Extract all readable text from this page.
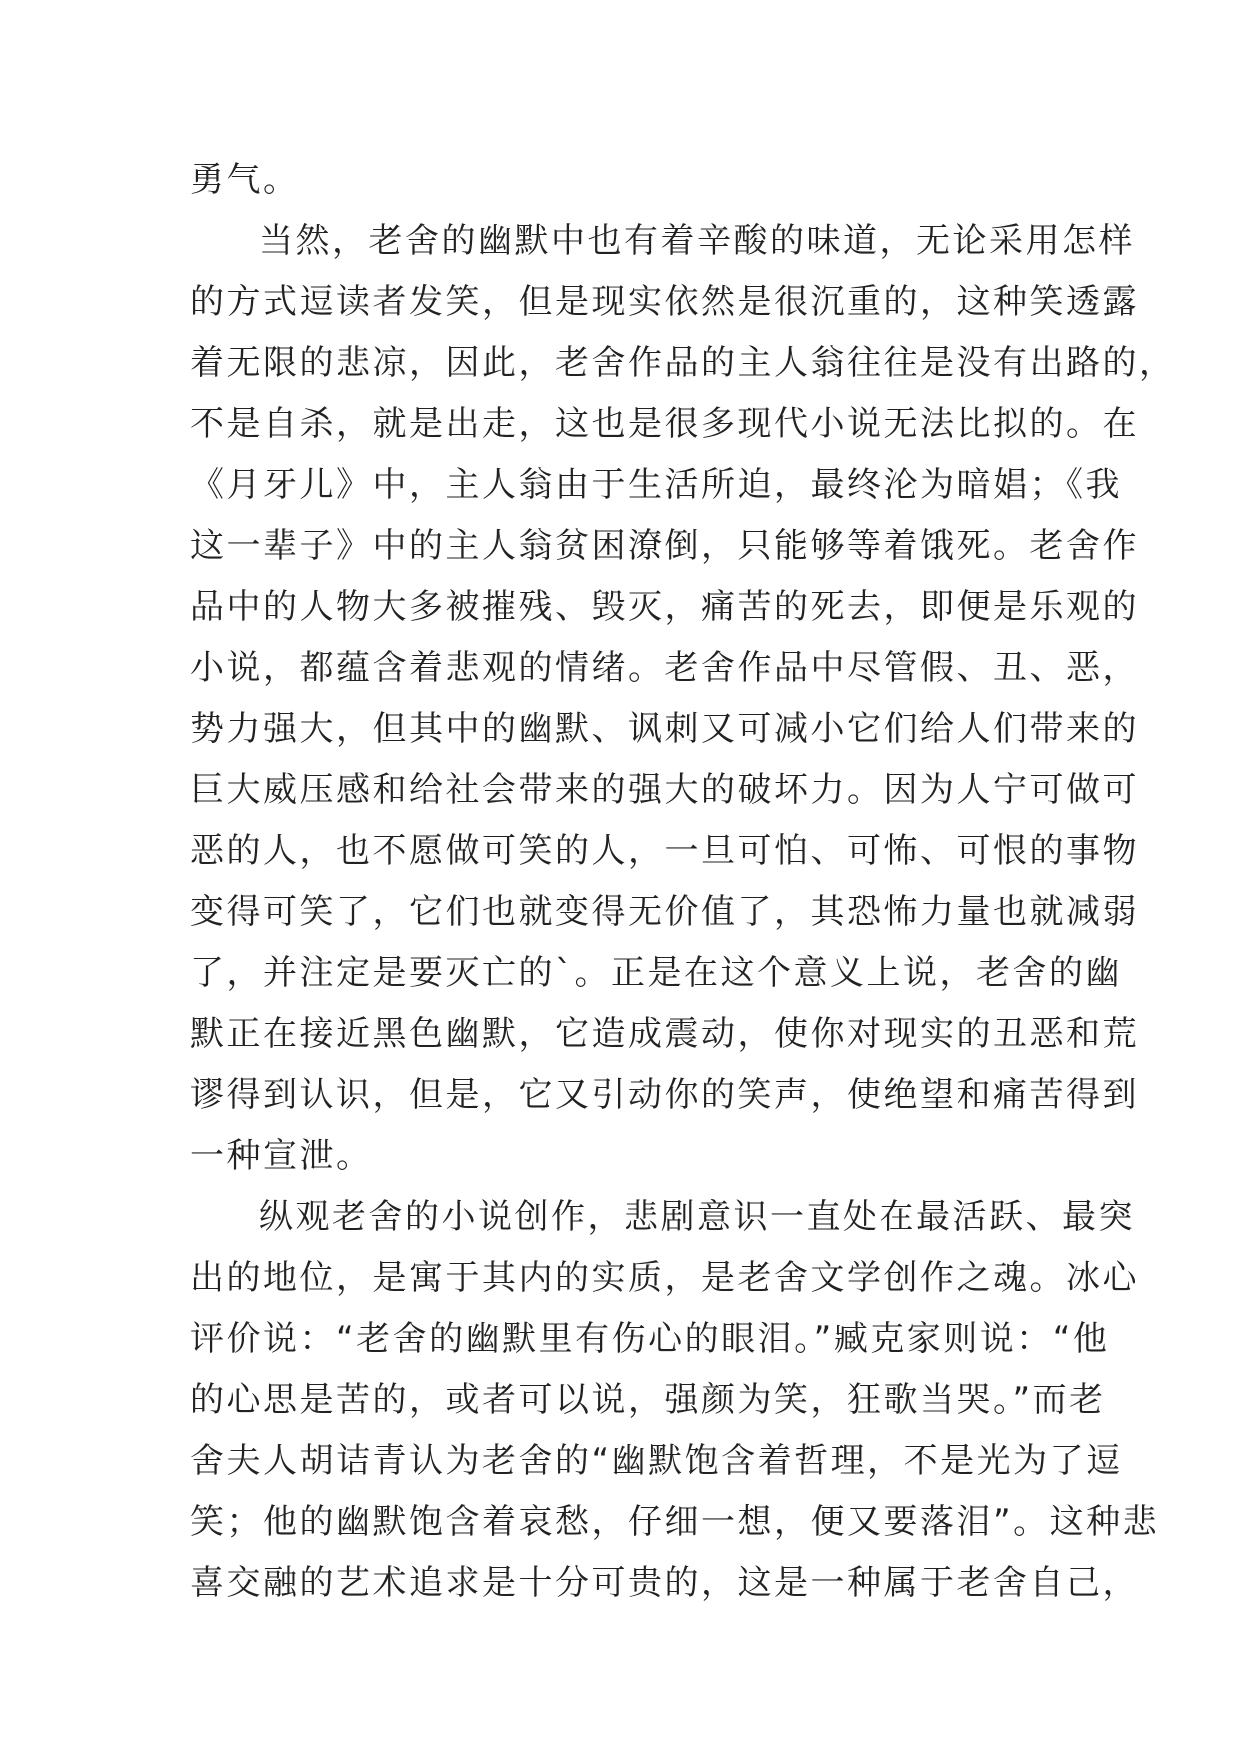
勇气。
当然，老舍的幽默中也有着辛酸的味道，无论采用怎样
的方式逗读者发笑，但是现实依然是很沉重的，这种笑透露
着无限的悲凉，因此，老舍作品的主人翁往往是没有出路的，
不是自杀，就是出走，这也是很多现代小说无法比拟的。在
《月牙儿》中，主人翁由于生活所迫，最终沦为暗娼；《我
这一辈子》中的主人翁贫困潦倒，只能够等着饿死。老舍作
品中的人物大多被摧残、毁灭，痛苦的死去，即便是乐观的
小说，都蕴含着悲观的情绪。老舍作品中尽管假、丑、恶，
势力强大，但其中的幽默、讽刺又可减小它们给人们带来的
巨大威压感和给社会带来的强大的破坏力。因为人宁可做可
恶的人，也不愿做可笑的人，一旦可怕、可怖、可恨的事物
变得可笑了，它们也就变得无价值了，其恐怖力量也就减弱
了，并注定是要灭亡的`。正是在这个意义上说，老舍的幽
默正在接近黑色幽默，它造成震动，使你对现实的丑恶和荒
谬得到认识，但是，它又引动你的笑声，使绝望和痛苦得到
一种宣泄。
纵观老舍的小说创作，悲剧意识一直处在最活跃、最突
出的地位，是寓于其内的实质，是老舍文学创作之魂。冰心
评价说：“老舍的幽默里有伤心的眼泪。”臧克家则说：“他
的心思是苦的，或者可以说，强颜为笑，狂歌当哭。”而老
舍夫人胡诘青认为老舍的“幽默饱含着哲理，不是光为了逗
笑；他的幽默饱含着哀愁，仔细一想，便又要落泪”。这种悲
喜交融的艺术追求是十分可贵的，这是一种属于老舍自己，
